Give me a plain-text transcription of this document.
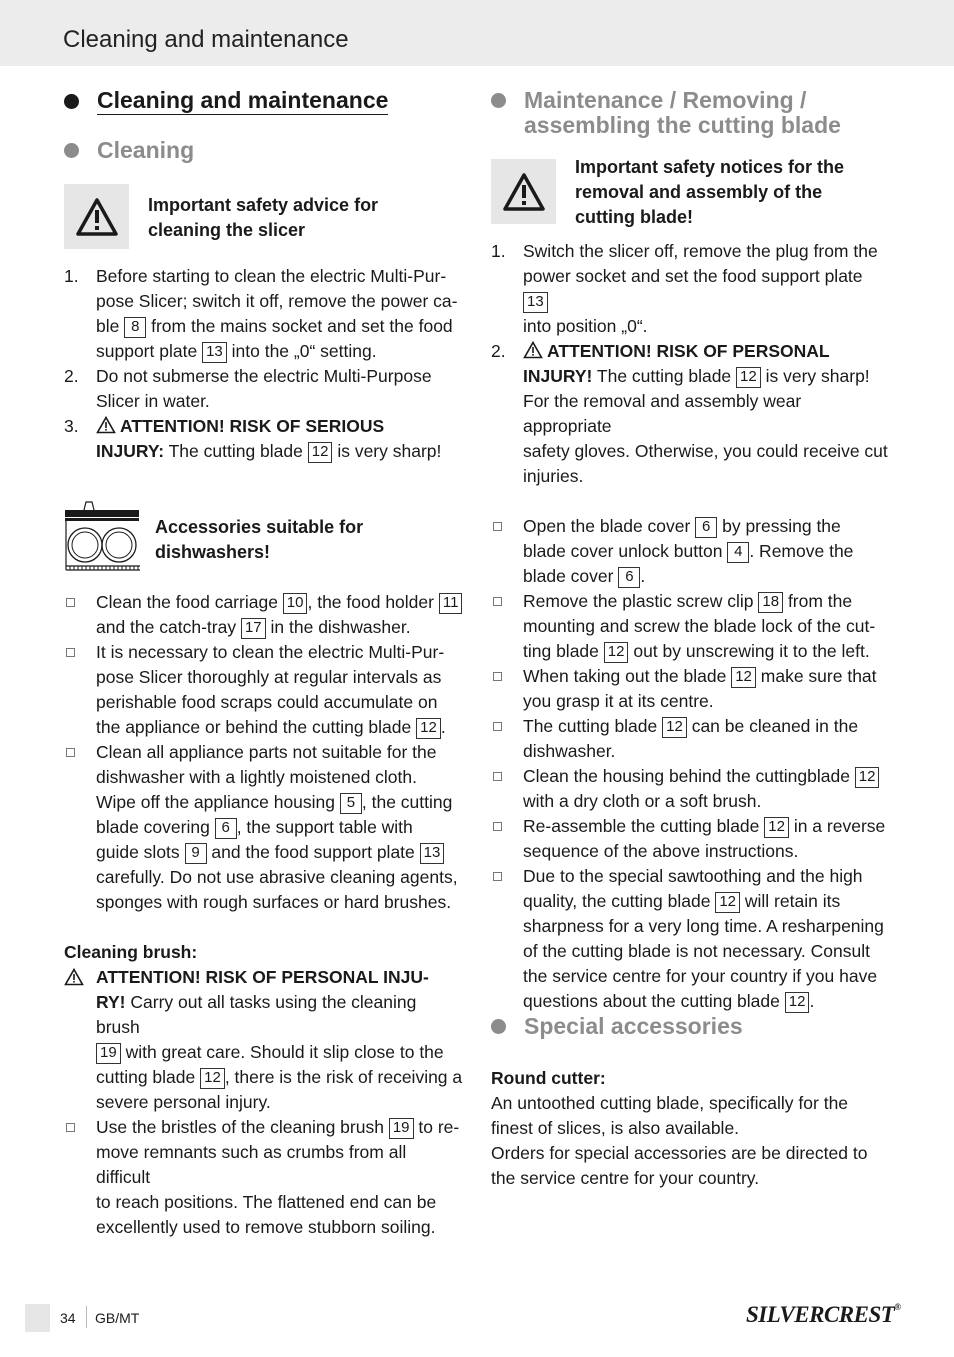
Cleaning and maintenance
Cleaning and maintenance
Cleaning
Important safety advice for cleaning the slicer
1. Before starting to clean the electric Multi-Pur-
pose Slicer; switch it off, remove the power ca-
ble 8 from the mains socket and set the food
support plate 13 into the „0“ setting.
2. Do not submerse the electric Multi-Purpose
Slicer in water.
3.	ATTENTION! RISK OF SERIOUS
INJURY: The cutting blade 12 is very sharp!
Accessories suitable for dishwashers!
Clean the food carriage 10 , the food holder 11
and the catch-tray 17 in the dishwasher.
It is necessary to clean the electric Multi-Pur-
pose Slicer thoroughly at regular intervals as
perishable food scraps could accumulate on
the appliance or behind the cutting blade 12 .
Clean all appliance parts not suitable for the
dishwasher with a lightly moistened cloth.
Wipe off the appliance housing 5 , the cutting
blade covering 6 , the support table with
guide slots 9 and the food support plate 13
carefully. Do not use abrasive cleaning agents,
sponges with rough surfaces or hard brushes.
Cleaning brush:
ATTENTION! RISK OF PERSONAL INJU-
RY! Carry out all tasks using the cleaning brush
19 with great care. Should it slip close to the
cutting blade 12 , there is the risk of receiving a
severe personal injury.
Use the bristles of the cleaning brush 19 to re-
move remnants such as crumbs from all difficult
to reach positions. The flattened end can be
excellently used to remove stubborn soiling.
Maintenance / Removing /
assembling the cutting blade
Important safety notices for the removal and assembly of the cutting blade!
1. Switch the slicer off, remove the plug from the
power socket and set the food support plate 13
into position „0“.
2.	ATTENTION! RISK OF PERSONAL
INJURY! The cutting blade 12 is very sharp!
For the removal and assembly wear appropriate
safety gloves. Otherwise, you could receive cut
injuries.
Open the blade cover 6 by pressing the
blade cover unlock button 4 . Remove the
blade cover 6 .
Remove the plastic screw clip 18 from the
mounting and screw the blade lock of the cut-
ting blade 12 out by unscrewing it to the left.
When taking out the blade 12 make sure that
you grasp it at its centre.
The cutting blade 12 can be cleaned in the
dishwasher.
Clean the housing behind the cuttingblade 12
with a dry cloth or a soft brush.
Re-assemble the cutting blade 12 in a reverse
sequence of the above instructions.
Due to the special sawtoothing and the high
quality, the cutting blade 12 will retain its
sharpness for a very long time. A resharpening
of the cutting blade is not necessary. Consult
the service centre for your country if you have
questions about the cutting blade 12 .
Special accessories
Round cutter:
An untoothed cutting blade, specifically for the
finest of slices, is also available.
Orders for special accessories are be directed to
the service centre for your country.
34 GB/MT	SILVERCREST®
